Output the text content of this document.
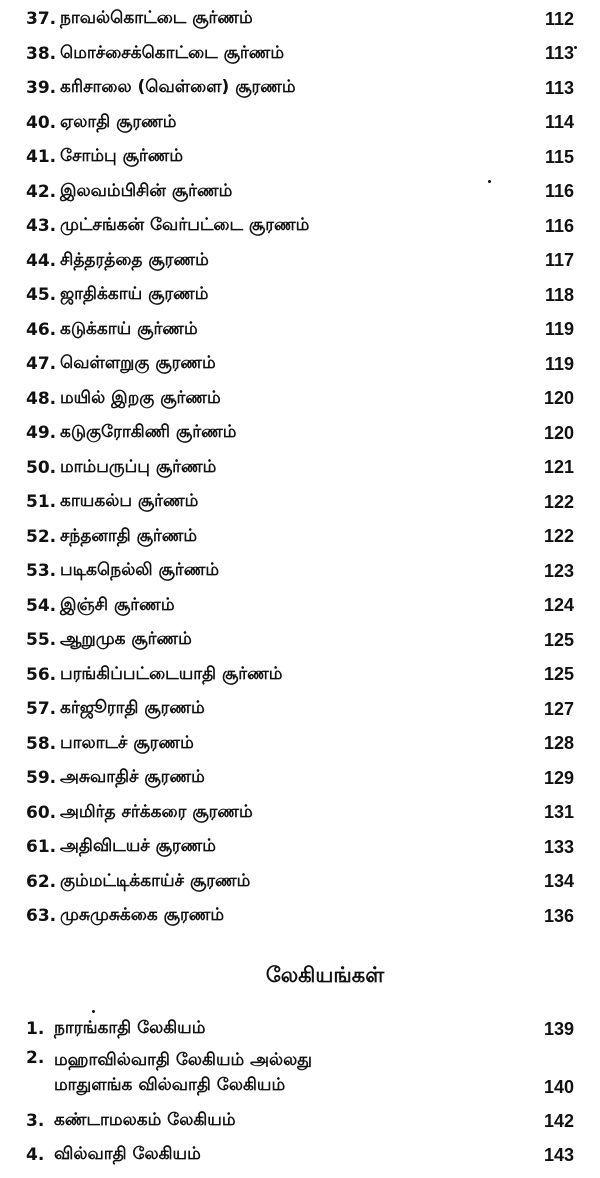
37. நாவல்கொட்டை சூர்ணம்	112
38. மொச்சைக்கொட்டை சூர்ணம்	113
39. கரிசாலை (வெள்ளை) சூரணம்	113
40. ஏலாதி சூரணம்	114
41. சோம்பு சூர்ணம்	115
42. இலவம்பிசின் சூர்ணம்	116
43. முட்சங்கன் வேர்பட்டை சூரணம்	116
44. சித்தரத்தை சூரணம்	117
45. ஜாதிக்காய் சூரணம்	118
46. கடுக்காய் சூர்ணம்	119
47. வெள்ளறுகு சூரணம்	119
48. மயில் இறகு சூர்ணம்	120
49. கடுகுரோகிணி சூர்ணம்	120
50. மாம்பருப்பு சூர்ணம்	121
51. காயகல்ப சூர்ணம்	122
52. சந்தனாதி சூர்ணம்	122
53. படிகநெல்லி சூர்ணம்	123
54. இஞ்சி சூர்ணம்	124
55. ஆறுமுக சூர்ணம்	125
56. பரங்கிப்பட்டையாதி சூர்ணம்	125
57. கர்ஜூராதி சூரணம்	127
58. பாலாடச் சூரணம்	128
59. அசுவாதிச் சூரணம்	129
60. அமிர்த சர்க்கரை சூரணம்	131
61. அதிவிடயச் சூரணம்	133
62. கும்மட்டிக்காய்ச் சூரணம்	134
63. முசுமுசுக்கை சூரணம்	136
லேகியங்கள்
1. நாரங்காதி லேகியம்	139
2. மஹாவில்வாதி லேகியம் அல்லது
மாதுளங்க வில்வாதி லேகியம்	140
3. கண்டாமலகம் லேகியம்	142
4. வில்வாதி லேகியம்	143
